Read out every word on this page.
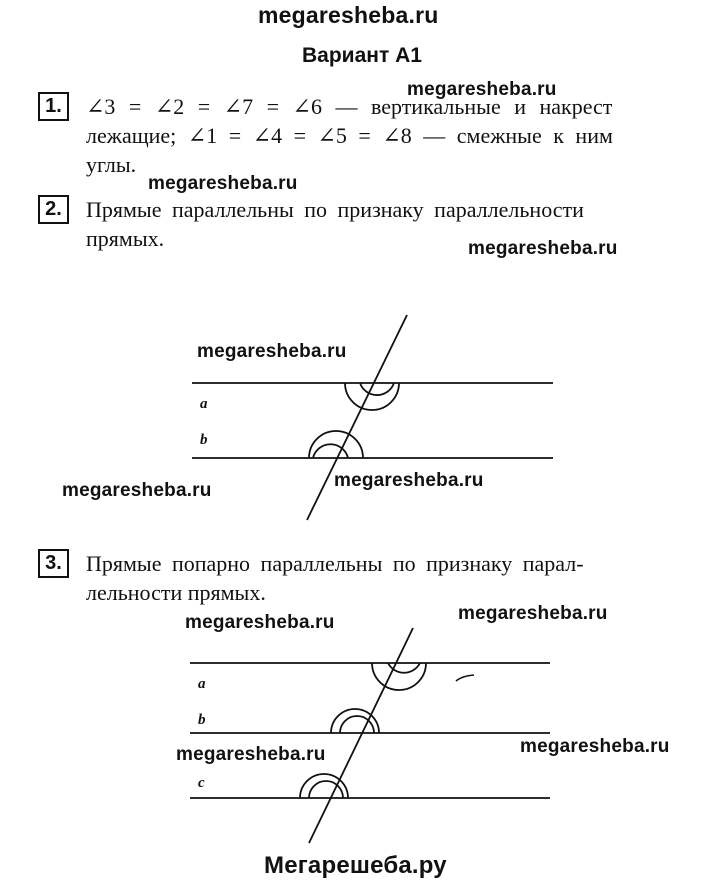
megaresheba.ru
Вариант А1
1.	∠3 = ∠2 = ∠7 = ∠6 — вертикальные и накрест
лежащие; ∠1 = ∠4 = ∠5 = ∠8 — смежные к ним
углы.
megaresheba.ru
megaresheba.ru
2.	Прямые параллельны по признаку параллельности
прямых.	megaresheba.ru
a
b
megaresheba.ru
megaresheba.ru	megaresheba.ru
3.	Прямые попарно параллельны по признаку парал-
лельности прямых.
megaresheba.ru	megaresheba.ru
a
b
c
megaresheba.ru	megaresheba.ru
Мегарешеба.ру
